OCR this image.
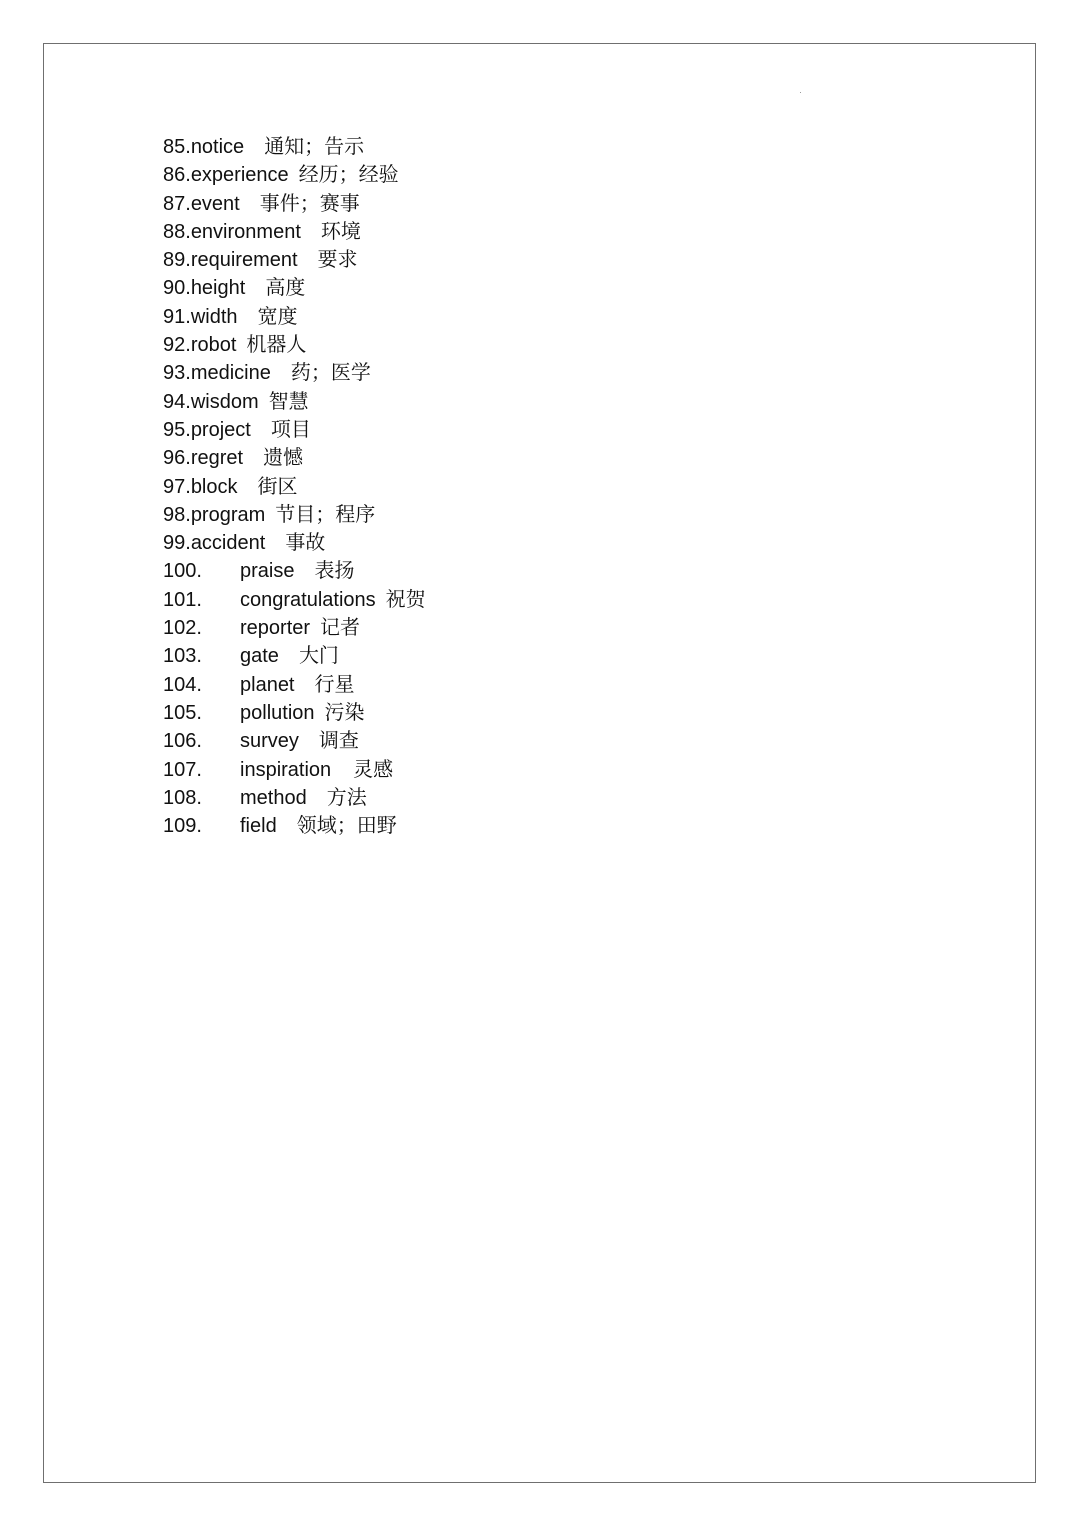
85.notice 通知；告示
86.experience 经历；经验
87.event 事件；赛事
88.environment 环境
89.requirement 要求
90.height 高度
91.width 宽度
92.robot 机器人
93.medicine 药；医学
94.wisdom 智慧
95.project 项目
96.regret 遗憾
97.block 街区
98.program 节目；程序
99.accident 事故
100. praise 表扬
101. congratulations 祝贺
102. reporter 记者
103. gate 大门
104. planet 行星
105. pollution 污染
106. survey 调查
107. inspiration 灵感
108. method 方法
109. field 领域；田野
